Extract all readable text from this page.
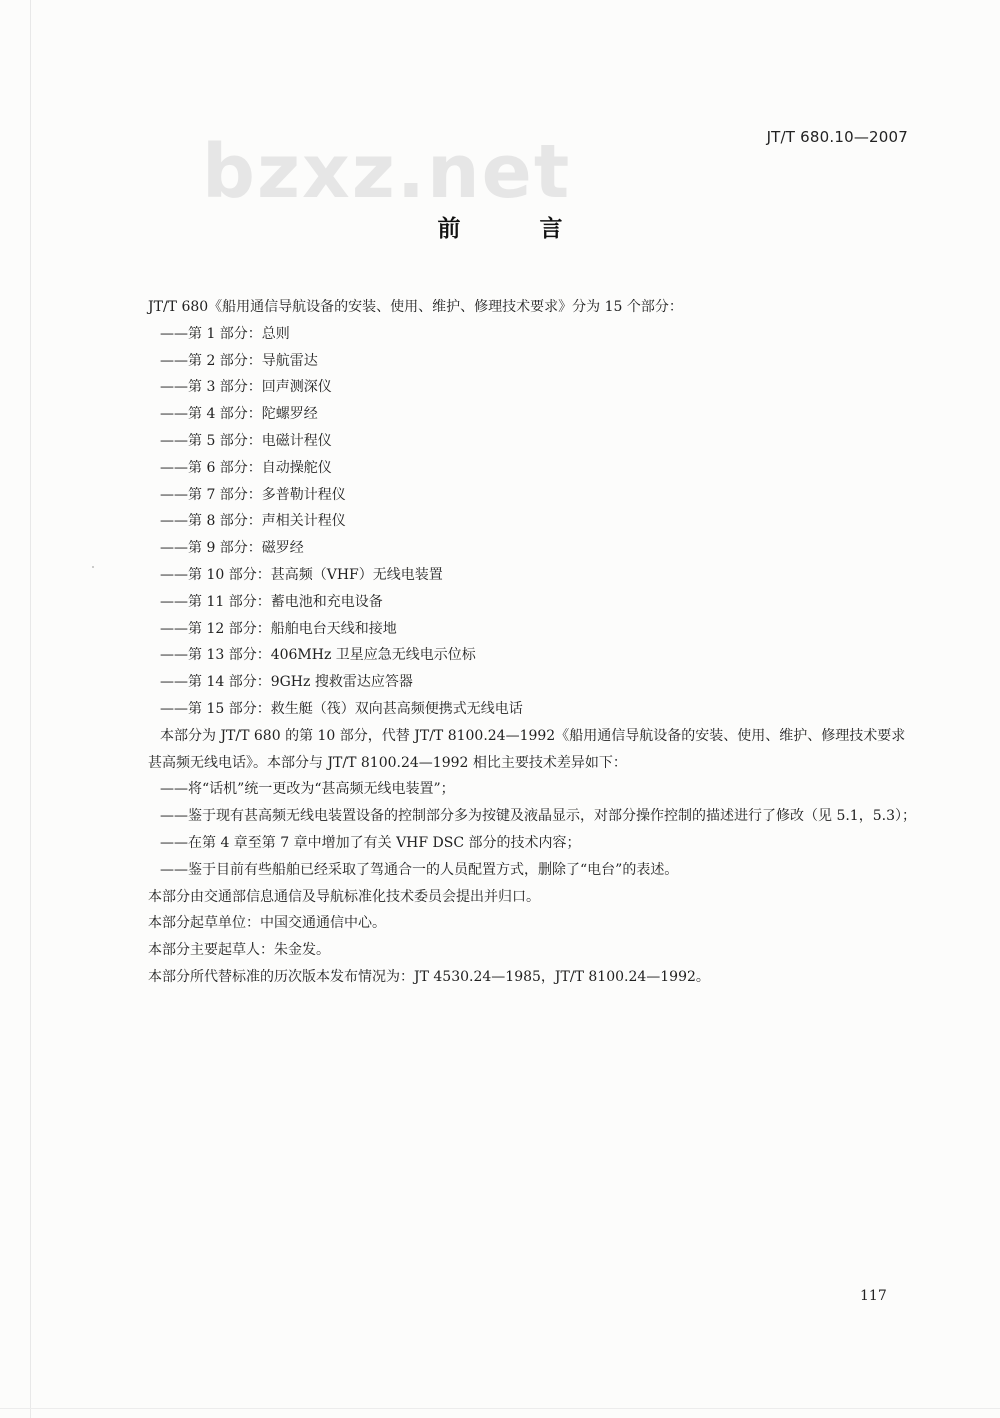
JT/T 680.10—2007
bzxz.net
前　言

JT/T 680《船用通信导航设备的安装、使用、维护、修理技术要求》分为 15 个部分：

——第 1 部分：总则

——第 2 部分：导航雷达

——第 3 部分：回声测深仪

——第 4 部分：陀螺罗经

——第 5 部分：电磁计程仪

——第 6 部分：自动操舵仪

——第 7 部分：多普勒计程仪

——第 8 部分：声相关计程仪

——第 9 部分：磁罗经

——第 10 部分：甚高频（VHF）无线电装置

——第 11 部分：蓄电池和充电设备

——第 12 部分：船舶电台天线和接地

——第 13 部分：406MHz 卫星应急无线电示位标

——第 14 部分：9GHz 搜救雷达应答器

——第 15 部分：救生艇（筏）双向甚高频便携式无线电话

本部分为 JT/T 680 的第 10 部分，代替 JT/T 8100.24—1992《船用通信导航设备的安装、使用、维护、修理技术要求 甚高频无线电话》。本部分与 JT/T 8100.24—1992 相比主要技术差异如下：

——将“话机”统一更改为“甚高频无线电装置”；

——鉴于现有甚高频无线电装置设备的控制部分多为按键及液晶显示，对部分操作控制的描述进行了修改（见 5.1，5.3）；

——在第 4 章至第 7 章中增加了有关 VHF DSC 部分的技术内容；

——鉴于目前有些船舶已经采取了驾通合一的人员配置方式，删除了“电台”的表述。

本部分由交通部信息通信及导航标准化技术委员会提出并归口。

本部分起草单位：中国交通通信中心。

本部分主要起草人：朱金发。

本部分所代替标准的历次版本发布情况为：JT 4530.24—1985，JT/T 8100.24—1992。

117
